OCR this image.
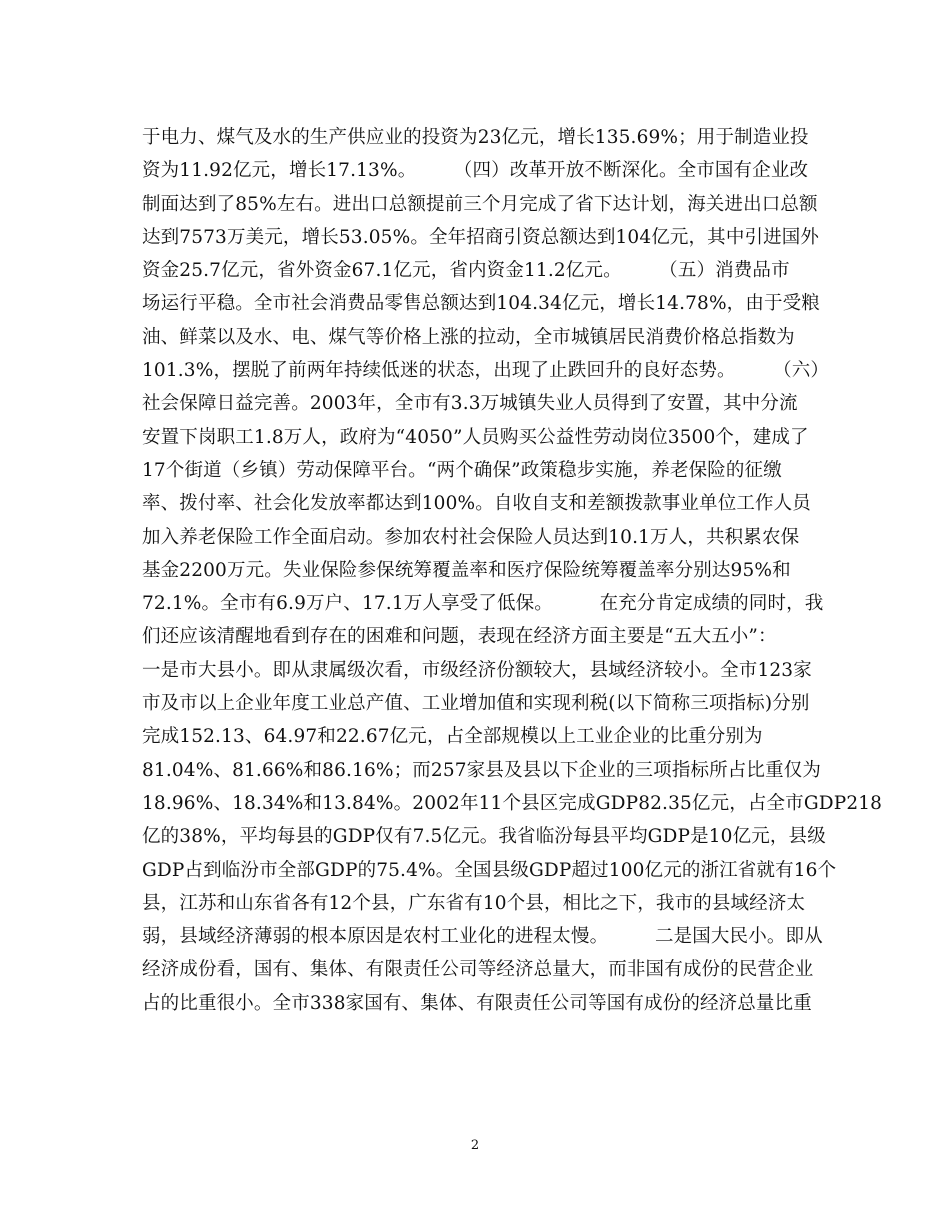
于电力、煤气及水的生产供应业的投资为23亿元，增长135.69%；用于制造业投
资为11.92亿元，增长17.13%。　　　（四）改革开放不断深化。全市国有企业改
制面达到了85%左右。进出口总额提前三个月完成了省下达计划，海关进出口总额
达到7573万美元，增长53.05%。全年招商引资总额达到104亿元，其中引进国外
资金25.7亿元，省外资金67.1亿元，省内资金11.2亿元。　　　（五）消费品市
场运行平稳。全市社会消费品零售总额达到104.34亿元，增长14.78%，由于受粮
油、鲜菜以及水、电、煤气等价格上涨的拉动，全市城镇居民消费价格总指数为
101.3%，摆脱了前两年持续低迷的状态，出现了止跌回升的良好态势。　　　（六）
社会保障日益完善。2003年，全市有3.3万城镇失业人员得到了安置，其中分流
安置下岗职工1.8万人，政府为“4050”人员购买公益性劳动岗位3500个，建成了
17个街道（乡镇）劳动保障平台。“两个确保”政策稳步实施，养老保险的征缴
率、拨付率、社会化发放率都达到100%。自收自支和差额拨款事业单位工作人员
加入养老保险工作全面启动。参加农村社会保险人员达到10.1万人，共积累农保
基金2200万元。失业保险参保统筹覆盖率和医疗保险统筹覆盖率分别达95%和
72.1%。全市有6.9万户、17.1万人享受了低保。　　　在充分肯定成绩的同时，我
们还应该清醒地看到存在的困难和问题，表现在经济方面主要是“五大五小”：
一是市大县小。即从隶属级次看，市级经济份额较大，县域经济较小。全市123家
市及市以上企业年度工业总产值、工业增加值和实现利税(以下简称三项指标)分别
完成152.13、64.97和22.67亿元，占全部规模以上工业企业的比重分别为
81.04%、81.66%和86.16%；而257家县及县以下企业的三项指标所占比重仅为
18.96%、18.34%和13.84%。2002年11个县区完成GDP82.35亿元，占全市GDP218
亿的38%，平均每县的GDP仅有7.5亿元。我省临汾每县平均GDP是10亿元，县级
GDP占到临汾市全部GDP的75.4%。全国县级GDP超过100亿元的浙江省就有16个
县，江苏和山东省各有12个县，广东省有10个县，相比之下，我市的县域经济太
弱，县域经济薄弱的根本原因是农村工业化的进程太慢。　　　二是国大民小。即从
经济成份看，国有、集体、有限责任公司等经济总量大，而非国有成份的民营企业
占的比重很小。全市338家国有、集体、有限责任公司等国有成份的经济总量比重
2
